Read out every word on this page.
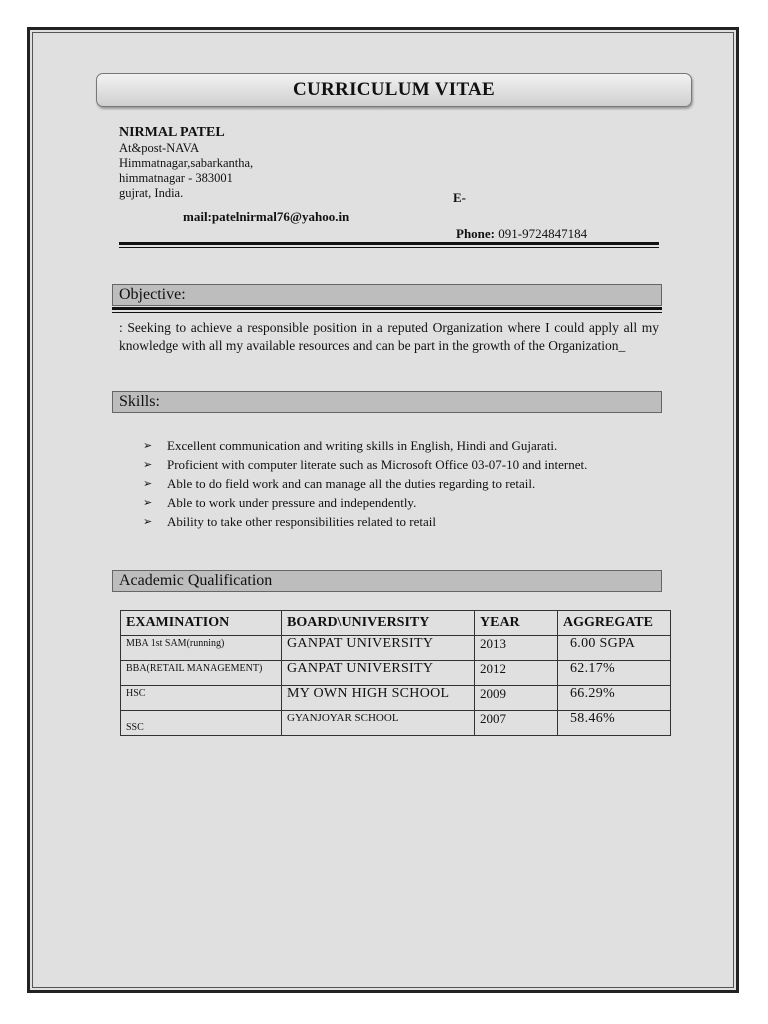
CURRICULUM VITAE
NIRMAL PATEL
At&post-NAVA
Himmatnagar,sabarkantha,
himmatnagar - 383001
gujrat, India.	E-
mail:patelnirmal76@yahoo.in
Phone: 091-9724847184
Objective:
: Seeking to achieve a responsible position in a reputed Organization where I could apply all my knowledge with all my available resources and can be part in the growth of the Organization_
Skills:
➢ Excellent communication and writing skills in English, Hindi and Gujarati.
➢ Proficient with computer literate such as Microsoft Office 03-07-10 and internet.
➢ Able to do field work and can manage all the duties regarding to retail.
➢ Able to work under pressure and independently.
➢ Ability to take other responsibilities related to retail
Academic Qualification
EXAMINATION	BOARD\UNIVERSITY	YEAR	AGGREGATE
MBA 1st SAM(running)	GANPAT UNIVERSITY	2013	6.00 SGPA
BBA(RETAIL MANAGEMENT)	GANPAT UNIVERSITY	2012	62.17%
HSC	MY OWN HIGH SCHOOL	2009	66.29%
SSC	GYANJOYAR SCHOOL	2007	58.46%
